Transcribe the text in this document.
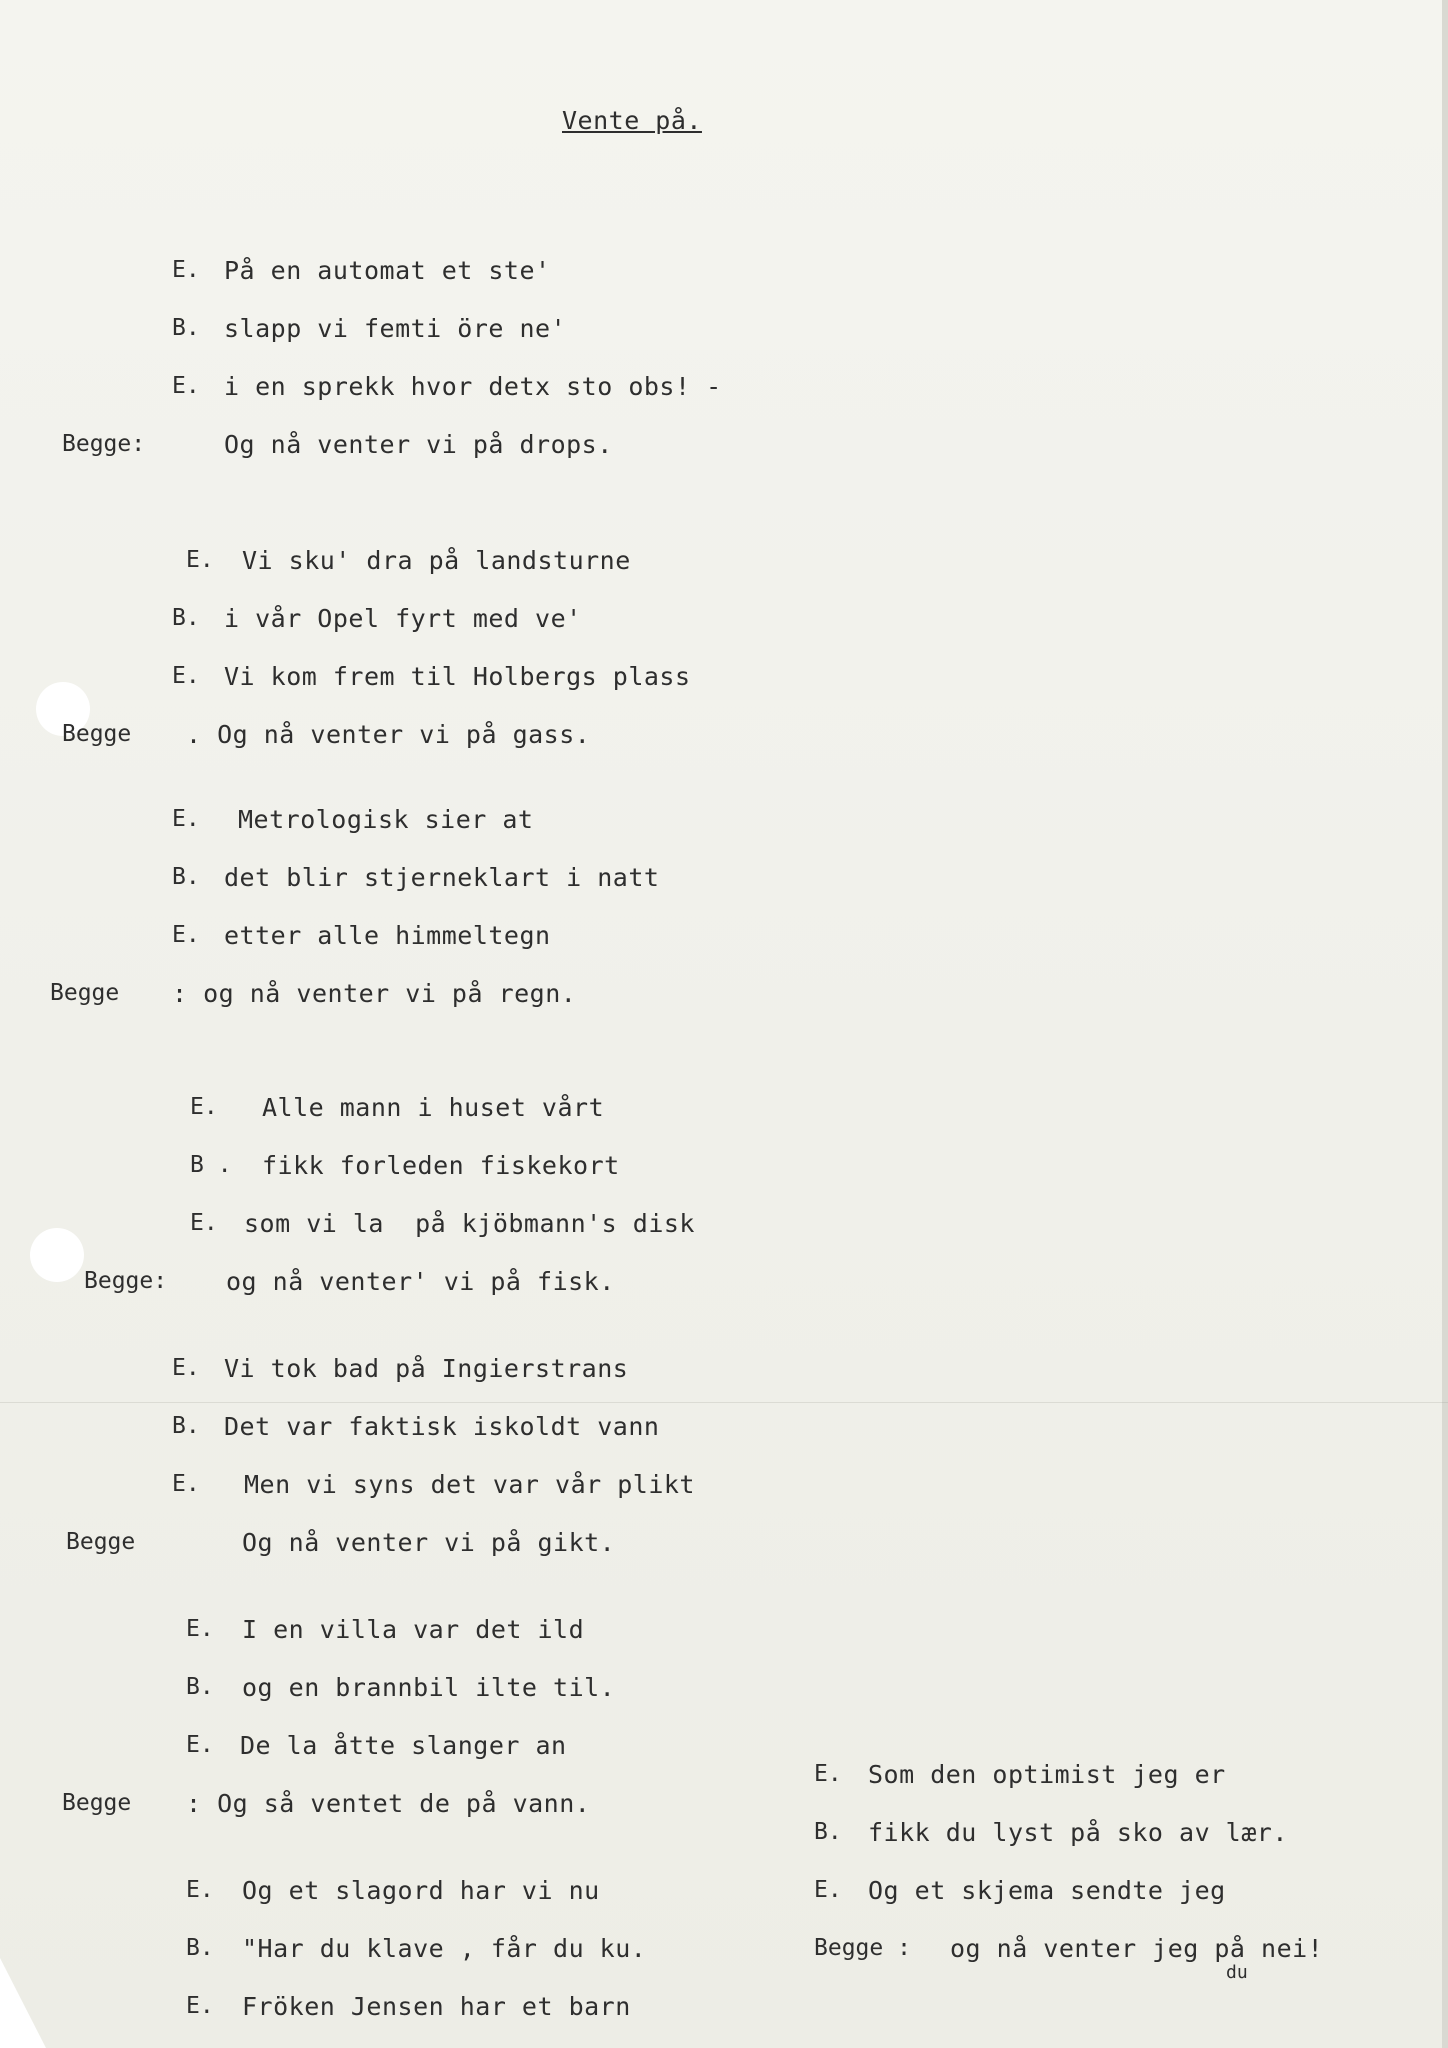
Vente på.
E. På en automat et ste'
B. slapp vi femti öre ne'
E. i en sprekk hvor detx sto obs! -
Begge:	Og nå venter vi på drops.
E. Vi sku' dra på landsturne
B. i vår Opel fyrt med ve'
E. Vi kom frem til Holbergs plass
Begge . Og nå venter vi på gass.
E. Metrologisk sier at
B. det blir stjerneklart i natt
E. etter alle himmeltegn
Begge : og nå venter vi på regn.
E. Alle mann i huset vårt
B . fikk forleden fiskekort
E. som vi la  på kjöbmann's disk
Begge: og nå venter' vi på fisk.
E. Vi tok bad på Ingierstrans
B. Det var faktisk iskoldt vann
E. Men vi syns det var vår plikt
Begge	Og nå venter vi på gikt.
E. I en villa var det ild
B. og en brannbil ilte til.
E. De la åtte slanger an
Begge : Og så ventet de på vann.
E. Og et slagord har vi nu
B. "Har du klave , får du ku.
E. Fröken Jensen har et barn
E. Som den optimist jeg er
B. fikk du lyst på sko av lær.
E. Og et skjema sendte jeg
Begge : og nå venter jeg på nei!
du
